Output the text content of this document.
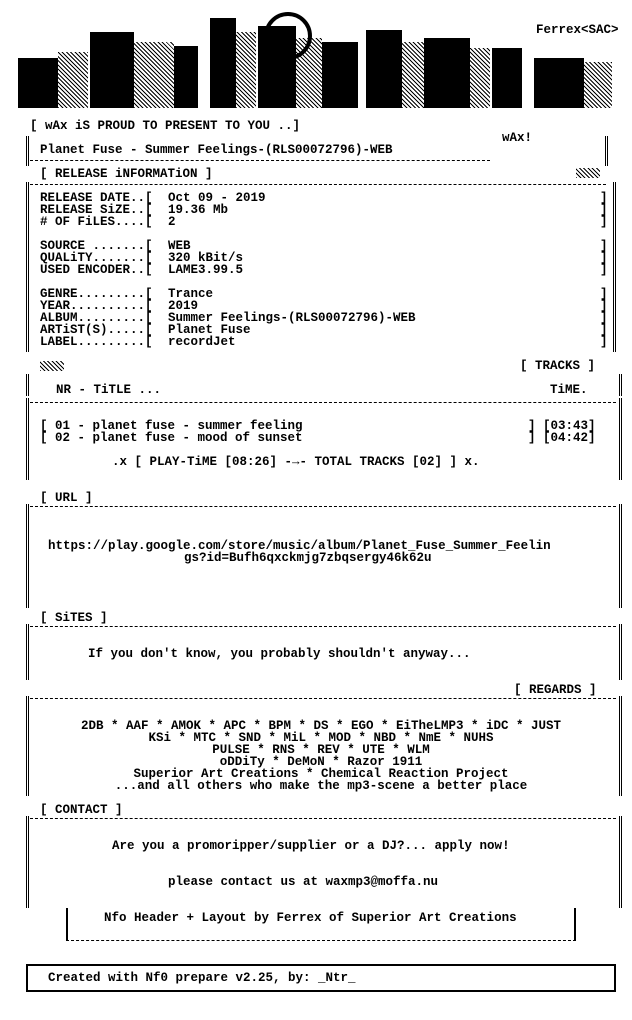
Ferrex<SAC>
[ wAx iS PROUD TO PRESENT TO YOU ..]
wAx!
Planet Fuse - Summer Feelings-(RLS00072796)-WEB
[ RELEASE iNFORMATiON ]
RELEASE DATE..[ Oct 09 - 2019	]
RELEASE SiZE..[ 19.36 Mb	]
# OF FiLES....[ 2	]
SOURCE .......[ WEB	]
QUALiTY.......[ 320 kBit/s	]
USED ENCODER..[ LAME3.99.5	]
GENRE.........[ Trance	]
YEAR..........[ 2019	]
ALBUM.........[ Summer Feelings-(RLS00072796)-WEB	]
ARTiST(S).....[ Planet Fuse	]
LABEL.........[ recordJet	]
[ TRACKS ]
NR - TiTLE ...	TiME.
[ 01 - planet fuse - summer feeling	] [03:43]
[ 02 - planet fuse - mood of sunset	] [04:42]
.x [ PLAY-TiME [08:26] -→- TOTAL TRACKS [02] ] x.
[ URL ]
https://play.google.com/store/music/album/Planet_Fuse_Summer_Feelin
gs?id=Bufh6qxckmjg7zbqsergy46k62u
[ SiTES ]
If you don't know, you probably shouldn't anyway...
[ REGARDS ]
2DB * AAF * AMOK * APC * BPM * DS * EGO * EiTheLMP3 * iDC * JUST
KSi * MTC * SND * MiL * MOD * NBD * NmE * NUHS
PULSE * RNS * REV * UTE * WLM
oDDiTy * DeMoN * Razor 1911
Superior Art Creations * Chemical Reaction Project
...and all others who make the mp3-scene a better place
[ CONTACT ]
Are you a promoripper/supplier or a DJ?... apply now!
please contact us at waxmp3@moffa.nu
Nfo Header + Layout by Ferrex of Superior Art Creations
Created with Nf0 prepare v2.25, by: _Ntr_
